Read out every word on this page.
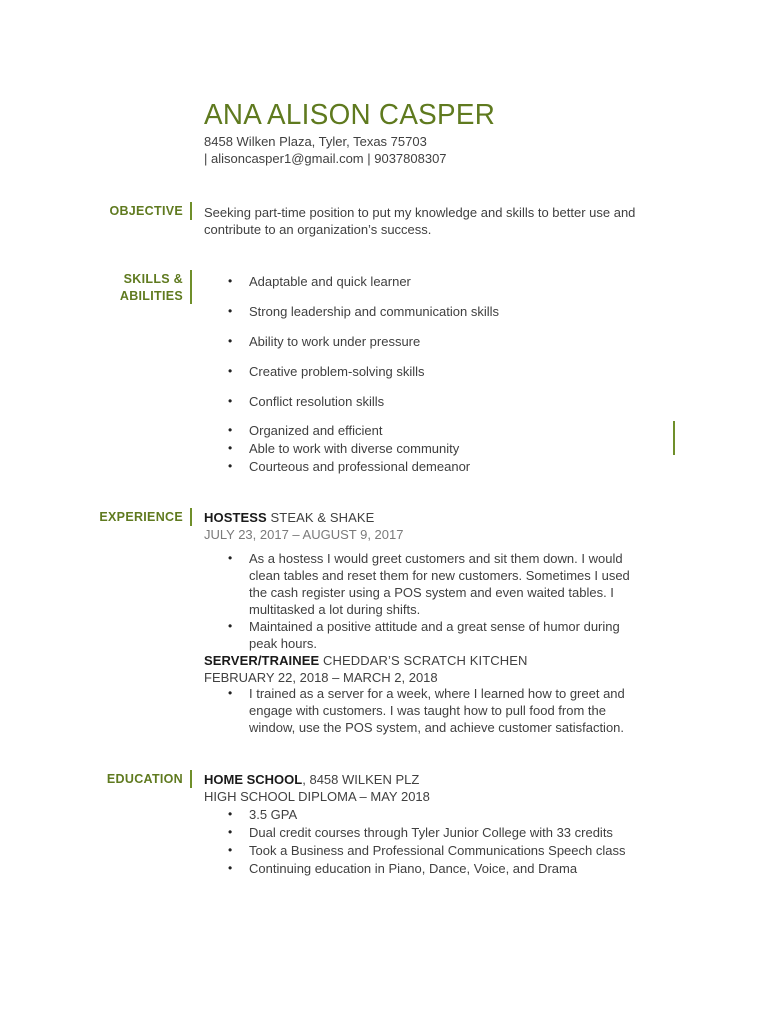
ANA ALISON CASPER
8458 Wilken Plaza, Tyler, Texas 75703
| alisoncasper1@gmail.com | 9037808307
OBJECTIVE Seeking part-time position to put my knowledge and skills to better use and
contribute to an organization’s success.
SKILLS &
ABILITIES
• Adaptable and quick learner
• Strong leadership and communication skills
• Ability to work under pressure
• Creative problem-solving skills
• Conflict resolution skills
• Organized and efficient
• Able to work with diverse community
• Courteous and professional demeanor
EXPERIENCE HOSTESS STEAK & SHAKE
JULY 23, 2017 – AUGUST 9, 2017
• As a hostess I would greet customers and sit them down. I would
clean tables and reset them for new customers. Sometimes I used
the cash register using a POS system and even waited tables. I
multitasked a lot during shifts.
• Maintained a positive attitude and a great sense of humor during
peak hours.
SERVER/TRAINEE CHEDDAR’S SCRATCH KITCHEN
FEBRUARY 22, 2018 – MARCH 2, 2018
• I trained as a server for a week, where I learned how to greet and
engage with customers. I was taught how to pull food from the
window, use the POS system, and achieve customer satisfaction.
EDUCATION HOME SCHOOL, 8458 WILKEN PLZ
HIGH SCHOOL DIPLOMA – MAY 2018
• 3.5 GPA
• Dual credit courses through Tyler Junior College with 33 credits
• Took a Business and Professional Communications Speech class
• Continuing education in Piano, Dance, Voice, and Drama
